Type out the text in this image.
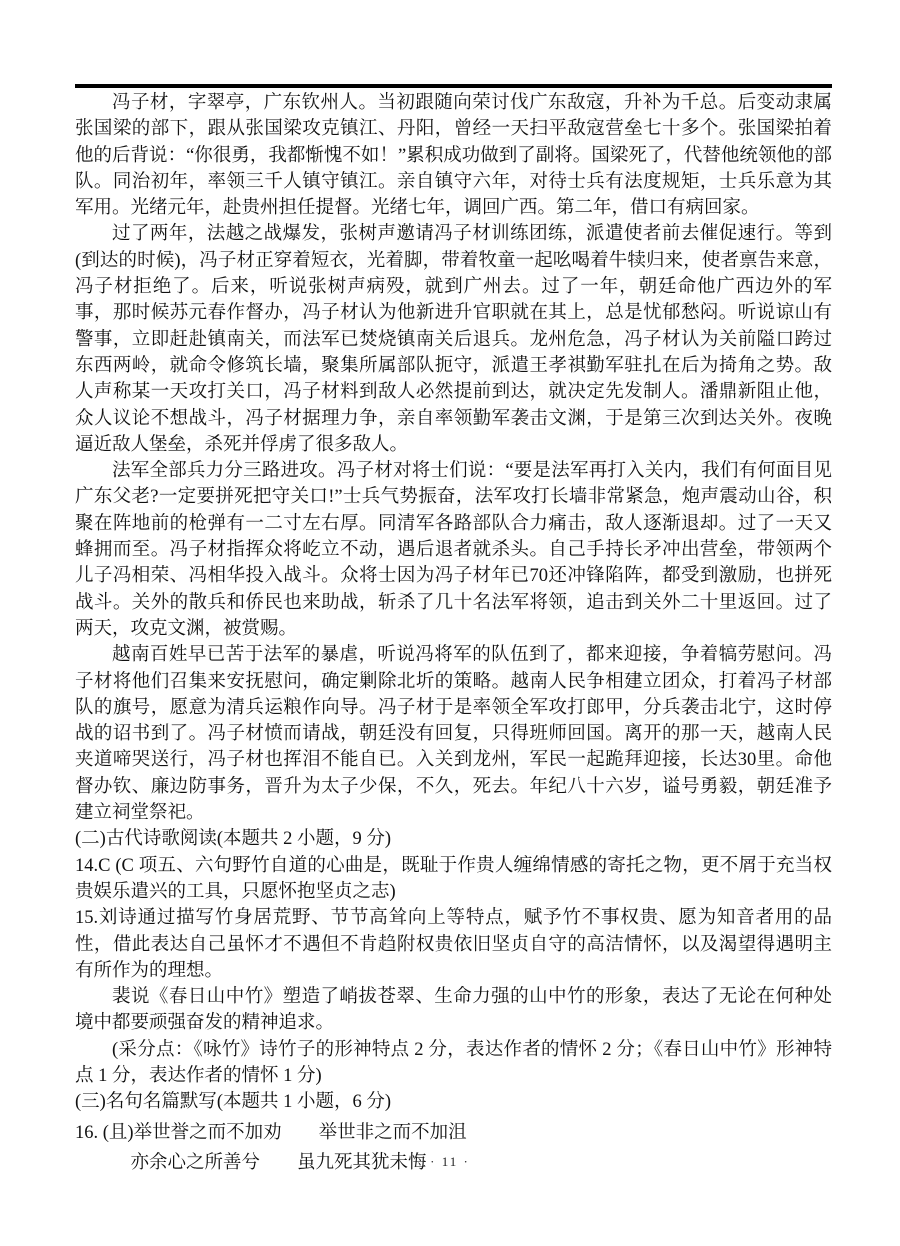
冯子材，字翠亭，广东钦州人。当初跟随向荣讨伐广东敌寇，升补为千总。后变动隶属张国梁的部下，跟从张国梁攻克镇江、丹阳，曾经一天扫平敌寇营垒七十多个。张国梁拍着他的后背说：“你很勇，我都惭愧不如！”累积成功做到了副将。国梁死了，代替他统领他的部队。同治初年，率领三千人镇守镇江。亲自镇守六年，对待士兵有法度规矩，士兵乐意为其军用。光绪元年，赴贵州担任提督。光绪七年，调回广西。第二年，借口有病回家。

过了两年，法越之战爆发，张树声邀请冯子材训练团练，派遣使者前去催促速行。等到(到达的时候)，冯子材正穿着短衣，光着脚，带着牧童一起吆喝着牛犊归来，使者禀告来意，冯子材拒绝了。后来，听说张树声病殁，就到广州去。过了一年，朝廷命他广西边外的军事，那时候苏元春作督办，冯子材认为他新进升官职就在其上，总是忧郁愁闷。听说谅山有警事，立即赶赴镇南关，而法军已焚烧镇南关后退兵。龙州危急，冯子材认为关前隘口跨过东西两岭，就命令修筑长墙，聚集所属部队扼守，派遣王孝祺勤军驻扎在后为掎角之势。敌人声称某一天攻打关口，冯子材料到敌人必然提前到达，就决定先发制人。潘鼎新阻止他，众人议论不想战斗，冯子材据理力争，亲自率领勤军袭击文渊，于是第三次到达关外。夜晚逼近敌人堡垒，杀死并俘虏了很多敌人。

法军全部兵力分三路进攻。冯子材对将士们说：“要是法军再打入关内，我们有何面目见广东父老?一定要拼死把守关口!”士兵气势振奋，法军攻打长墙非常紧急，炮声震动山谷，积聚在阵地前的枪弹有一二寸左右厚。同清军各路部队合力痛击，敌人逐渐退却。过了一天又蜂拥而至。冯子材指挥众将屹立不动，遇后退者就杀头。自己手持长矛冲出营垒，带领两个儿子冯相荣、冯相华投入战斗。众将士因为冯子材年已70还冲锋陷阵，都受到激励，也拼死战斗。关外的散兵和侨民也来助战，斩杀了几十名法军将领，追击到关外二十里返回。过了两天，攻克文渊，被赏赐。

越南百姓早已苦于法军的暴虐，听说冯将军的队伍到了，都来迎接，争着犒劳慰问。冯子材将他们召集来安抚慰问，确定剿除北圻的策略。越南人民争相建立团众，打着冯子材部队的旗号，愿意为清兵运粮作向导。冯子材于是率领全军攻打郎甲，分兵袭击北宁，这时停战的诏书到了。冯子材愤而请战，朝廷没有回复，只得班师回国。离开的那一天，越南人民夹道啼哭送行，冯子材也挥泪不能自已。入关到龙州，军民一起跪拜迎接，长达30里。命他督办钦、廉边防事务，晋升为太子少保，不久，死去。年纪八十六岁，谥号勇毅，朝廷准予建立祠堂祭祀。

(二)古代诗歌阅读(本题共 2 小题，9 分)

14.C (C 项五、六句野竹自道的心曲是，既耻于作贵人缠绵情感的寄托之物，更不屑于充当权贵娱乐遣兴的工具，只愿怀抱坚贞之志)

15.刘诗通过描写竹身居荒野、节节高耸向上等特点，赋予竹不事权贵、愿为知音者用的品性，借此表达自己虽怀才不遇但不肯趋附权贵依旧坚贞自守的高洁情怀，以及渴望得遇明主有所作为的理想。

裴说《春日山中竹》塑造了峭拔苍翠、生命力强的山中竹的形象，表达了无论在何种处境中都要顽强奋发的精神追求。

(采分点：《咏竹》诗竹子的形神特点 2 分，表达作者的情怀 2 分；《春日山中竹》形神特点 1 分，表达作者的情怀 1 分)

(三)名句名篇默写(本题共 1 小题，6 分)

16. (且)举世誉之而不加劝　　举世非之而不加沮

亦余心之所善兮　　虽九死其犹未悔 · 11 ·
